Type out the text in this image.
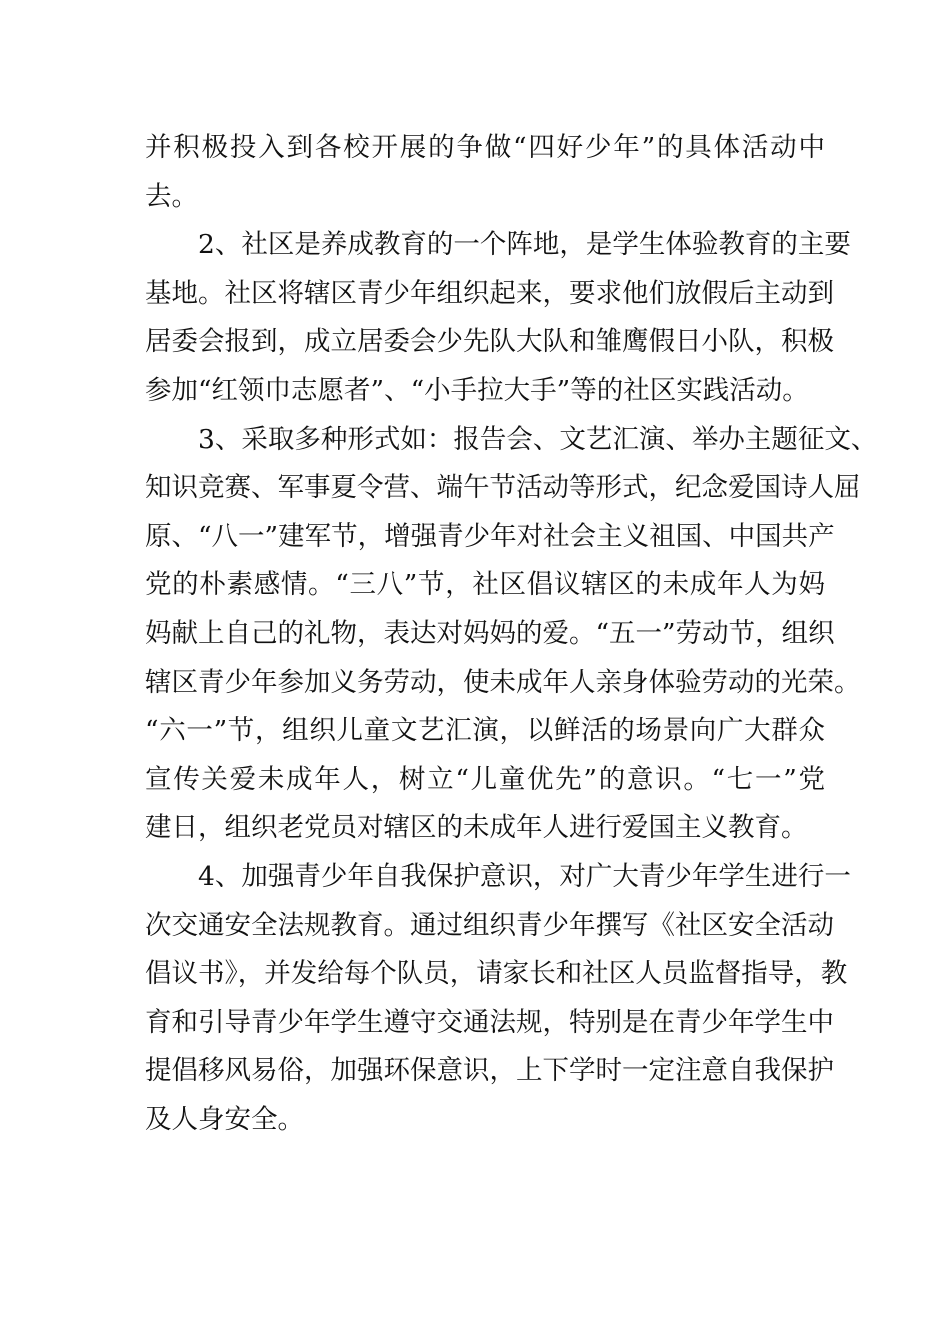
并积极投入到各校开展的争做“四好少年”的具体活动中
去。
2、社区是养成教育的一个阵地，是学生体验教育的主要
基地。社区将辖区青少年组织起来，要求他们放假后主动到
居委会报到，成立居委会少先队大队和雏鹰假日小队，积极
参加“红领巾志愿者”、“小手拉大手”等的社区实践活动。
3、采取多种形式如：报告会、文艺汇演、举办主题征文、
知识竞赛、军事夏令营、端午节活动等形式，纪念爱国诗人屈
原、“八一”建军节，增强青少年对社会主义祖国、中国共产
党的朴素感情。“三八”节，社区倡议辖区的未成年人为妈
妈献上自己的礼物，表达对妈妈的爱。“五一”劳动节，组织
辖区青少年参加义务劳动，使未成年人亲身体验劳动的光荣。
“六一”节，组织儿童文艺汇演，以鲜活的场景向广大群众
宣传关爱未成年人，树立“儿童优先”的意识。“七一”党
建日，组织老党员对辖区的未成年人进行爱国主义教育。
4、加强青少年自我保护意识，对广大青少年学生进行一
次交通安全法规教育。通过组织青少年撰写《社区安全活动
倡议书》，并发给每个队员，请家长和社区人员监督指导，教
育和引导青少年学生遵守交通法规，特别是在青少年学生中
提倡移风易俗，加强环保意识，上下学时一定注意自我保护
及人身安全。
